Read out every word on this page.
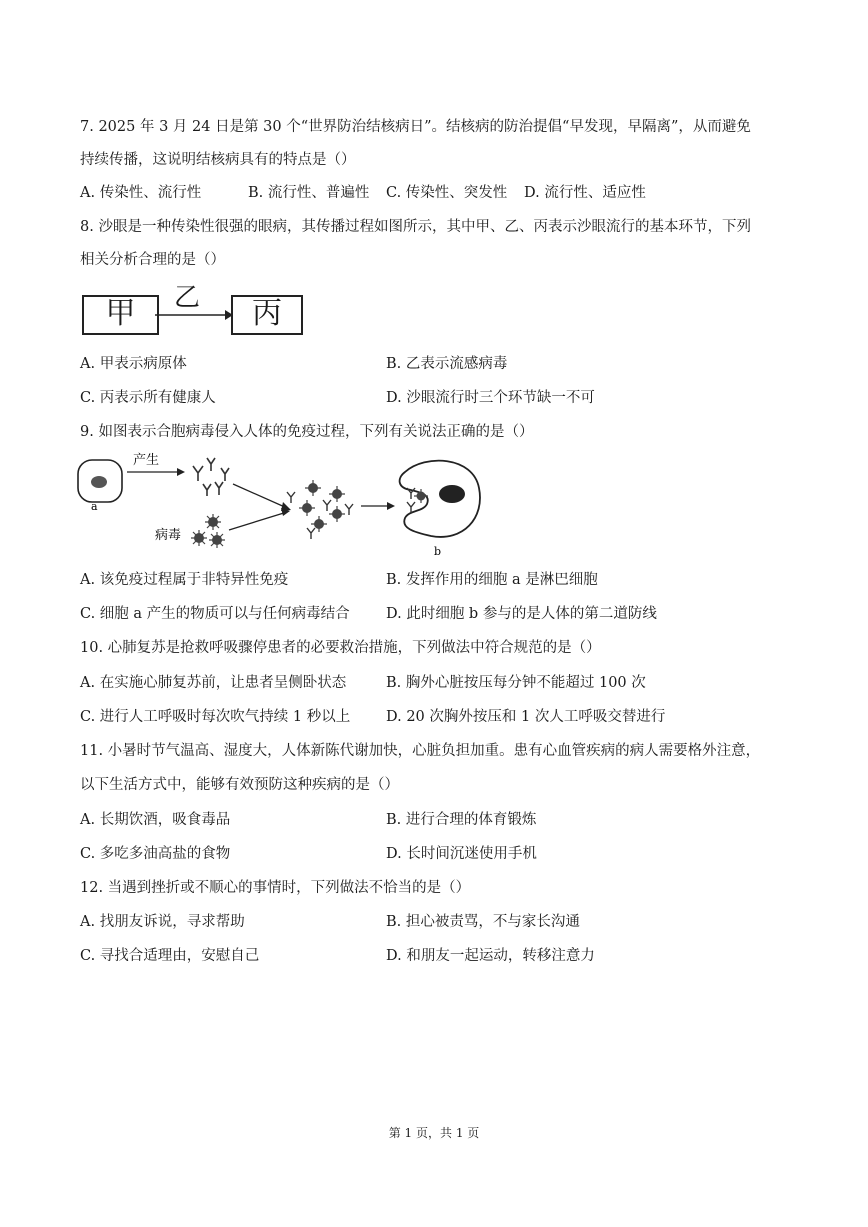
7. 2025 年 3 月 24 日是第 30 个“世界防治结核病日”。结核病的防治提倡“早发现，早隔离”，从而避免
持续传播，这说明结核病具有的特点是（）
A. 传染性、流行性	B. 流行性、普遍性 C. 传染性、突发性 D. 流行性、适应性
8. 沙眼是一种传染性很强的眼病，其传播过程如图所示，其中甲、乙、丙表示沙眼流行的基本环节，下列
相关分析合理的是（）
甲	乙	丙
A. 甲表示病原体	B. 乙表示流感病毒
C. 丙表示所有健康人	D. 沙眼流行时三个环节缺一不可
9. 如图表示合胞病毒侵入人体的免疫过程，下列有关说法正确的是（）
a
产生
病毒
b
A. 该免疫过程属于非特异性免疫	B. 发挥作用的细胞 a 是淋巴细胞
C. 细胞 a 产生的物质可以与任何病毒结合	D. 此时细胞 b 参与的是人体的第二道防线
10. 心肺复苏是抢救呼吸骤停患者的必要救治措施，下列做法中符合规范的是（）
A. 在实施心肺复苏前，让患者呈侧卧状态	B. 胸外心脏按压每分钟不能超过 100 次
C. 进行人工呼吸时每次吹气持续 1 秒以上 D. 20 次胸外按压和 1 次人工呼吸交替进行
11. 小暑时节气温高、湿度大，人体新陈代谢加快，心脏负担加重。患有心血管疾病的病人需要格外注意，
以下生活方式中，能够有效预防这种疾病的是（）
A. 长期饮酒，吸食毒品	B. 进行合理的体育锻炼
C. 多吃多油高盐的食物	D. 长时间沉迷使用手机
12. 当遇到挫折或不顺心的事情时，下列做法不恰当的是（）
A. 找朋友诉说，寻求帮助	B. 担心被责骂，不与家长沟通
C. 寻找合适理由，安慰自己	D. 和朋友一起运动，转移注意力
第 1 页，共 1 页
